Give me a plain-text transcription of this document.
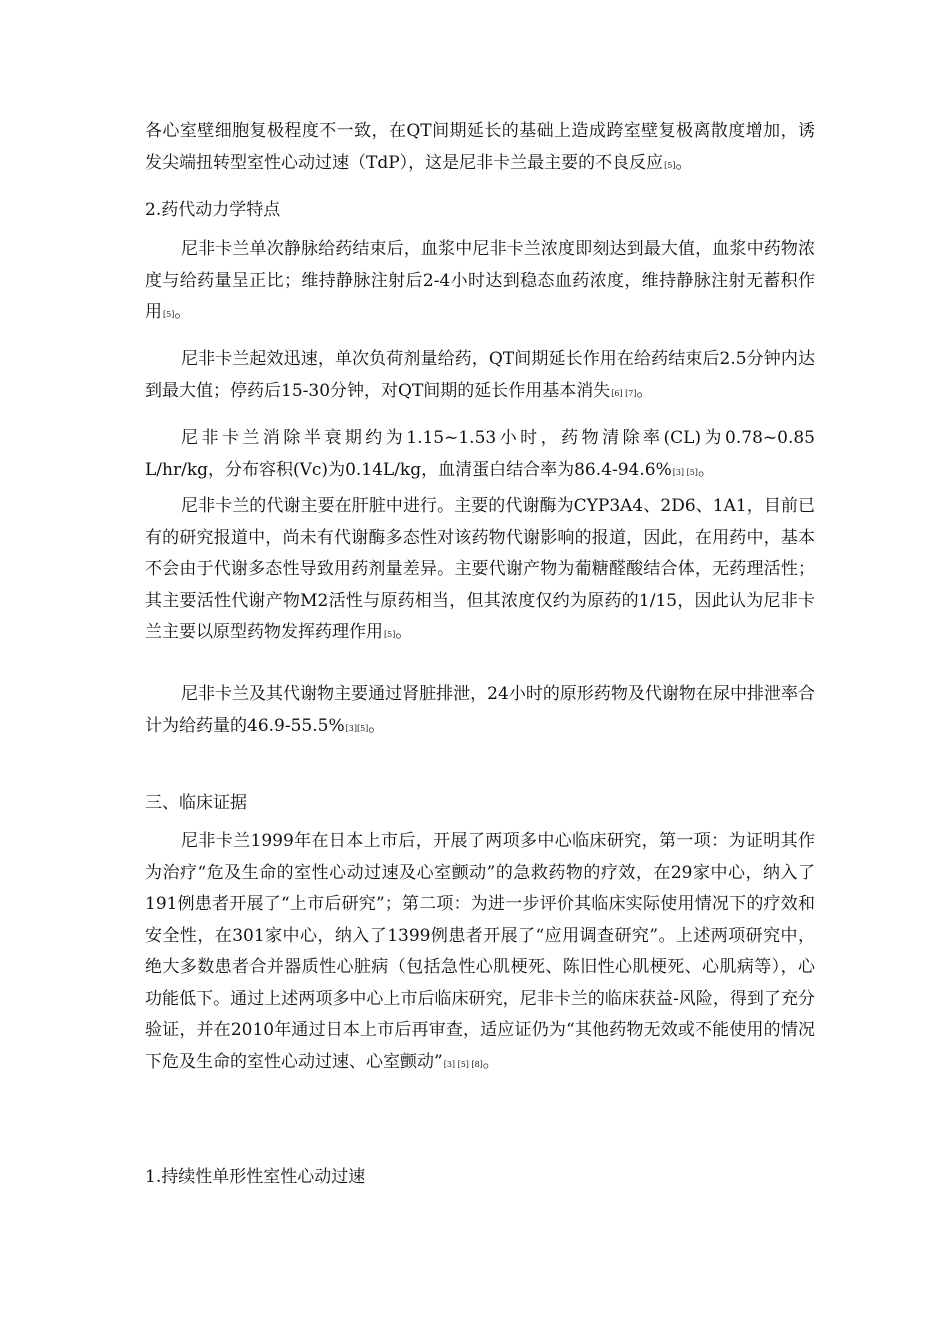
各心室壁细胞复极程度不一致，在QT间期延长的基础上造成跨室壁复极离散度增加，诱发尖端扭转型室性心动过速（TdP），这是尼非卡兰最主要的不良反应[5]。
2.药代动力学特点
尼非卡兰单次静脉给药结束后，血浆中尼非卡兰浓度即刻达到最大值，血浆中药物浓度与给药量呈正比；维持静脉注射后2-4小时达到稳态血药浓度，维持静脉注射无蓄积作用[5]。
尼非卡兰起效迅速，单次负荷剂量给药，QT间期延长作用在给药结束后2.5分钟内达到最大值；停药后15-30分钟，对QT间期的延长作用基本消失[6] [7]。
尼非卡兰消除半衰期约为1.15~1.53小时，药物清除率(CL)为0.78~0.85 L/hr/kg，分布容积(Vc)为0.14L/kg，血清蛋白结合率为86.4-94.6%[3] [5]。
尼非卡兰的代谢主要在肝脏中进行。主要的代谢酶为CYP3A4、2D6、1A1，目前已有的研究报道中，尚未有代谢酶多态性对该药物代谢影响的报道，因此，在用药中，基本不会由于代谢多态性导致用药剂量差异。主要代谢产物为葡糖醛酸结合体，无药理活性；其主要活性代谢产物M2活性与原药相当，但其浓度仅约为原药的1/15，因此认为尼非卡兰主要以原型药物发挥药理作用[5]。
尼非卡兰及其代谢物主要通过肾脏排泄，24小时的原形药物及代谢物在尿中排泄率合计为给药量的46.9-55.5%[3][5]。
三、临床证据
尼非卡兰1999年在日本上市后，开展了两项多中心临床研究，第一项：为证明其作为治疗“危及生命的室性心动过速及心室颤动”的急救药物的疗效，在29家中心，纳入了191例患者开展了“上市后研究”；第二项：为进一步评价其临床实际使用情况下的疗效和安全性，在301家中心，纳入了1399例患者开展了“应用调查研究”。上述两项研究中，绝大多数患者合并器质性心脏病（包括急性心肌梗死、陈旧性心肌梗死、心肌病等），心功能低下。通过上述两项多中心上市后临床研究，尼非卡兰的临床获益-风险，得到了充分验证，并在2010年通过日本上市后再审查，适应证仍为“其他药物无效或不能使用的情况下危及生命的室性心动过速、心室颤动”[3] [5] [8]。
1.持续性单形性室性心动过速
